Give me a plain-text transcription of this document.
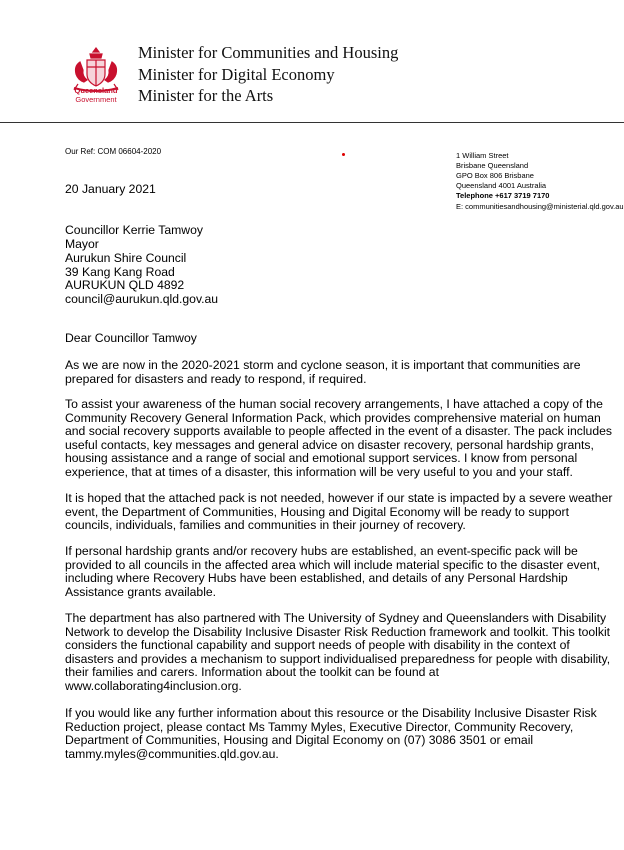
Queensland
Government
Minister for Communities and Housing
Minister for Digital Economy
Minister for the Arts
Our Ref: COM 06604-2020	1 William Street
Brisbane Queensland
GPO Box 806 Brisbane
Queensland 4001 Australia
Telephone +617 3719 7170
E: communitiesandhousing@ministerial.qld.gov.au
20 January 2021
Councillor Kerrie Tamwoy
Mayor
Aurukun Shire Council
39 Kang Kang Road
AURUKUN QLD 4892
council@aurukun.qld.gov.au
Dear Councillor Tamwoy
As we are now in the 2020-2021 storm and cyclone season, it is important that communities are
prepared for disasters and ready to respond, if required.
To assist your awareness of the human social recovery arrangements, I have attached a copy of the
Community Recovery General Information Pack, which provides comprehensive material on human
and social recovery supports available to people affected in the event of a disaster. The pack includes
useful contacts, key messages and general advice on disaster recovery, personal hardship grants,
housing assistance and a range of social and emotional support services. I know from personal
experience, that at times of a disaster, this information will be very useful to you and your staff.
It is hoped that the attached pack is not needed, however if our state is impacted by a severe weather
event, the Department of Communities, Housing and Digital Economy will be ready to support
councils, individuals, families and communities in their journey of recovery.
If personal hardship grants and/or recovery hubs are established, an event-specific pack will be
provided to all councils in the affected area which will include material specific to the disaster event,
including where Recovery Hubs have been established, and details of any Personal Hardship
Assistance grants available.
The department has also partnered with The University of Sydney and Queenslanders with Disability
Network to develop the Disability Inclusive Disaster Risk Reduction framework and toolkit. This toolkit
considers the functional capability and support needs of people with disability in the context of
disasters and provides a mechanism to support individualised preparedness for people with disability,
their families and carers. Information about the toolkit can be found at
www.collaborating4inclusion.org.
If you would like any further information about this resource or the Disability Inclusive Disaster Risk
Reduction project, please contact Ms Tammy Myles, Executive Director, Community Recovery,
Department of Communities, Housing and Digital Economy on (07) 3086 3501 or email
tammy.myles@communities.qld.gov.au.
